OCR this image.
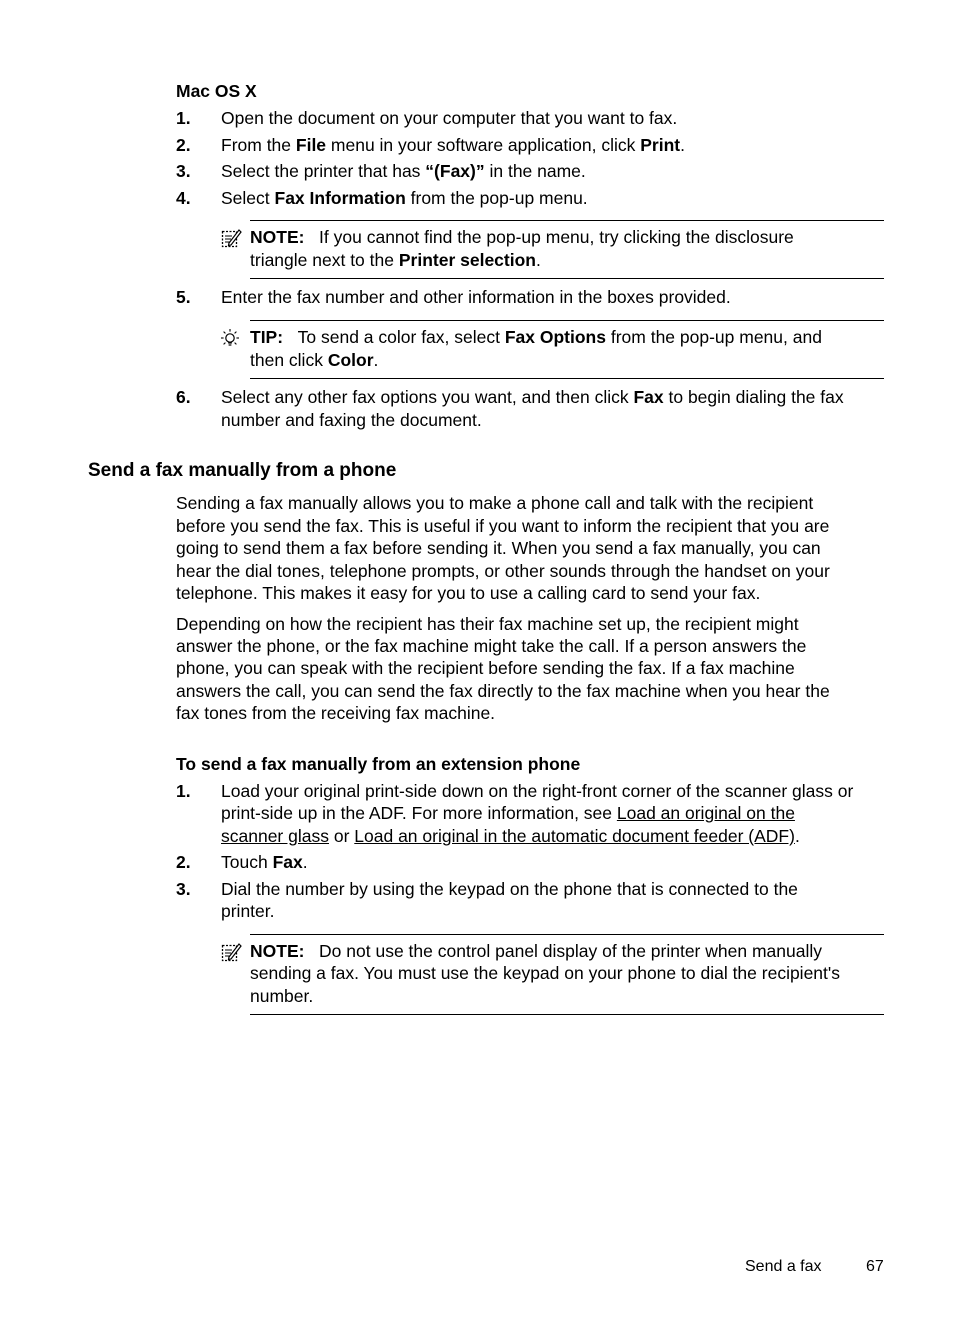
Mac OS X
1. Open the document on your computer that you want to fax.
2. From the File menu in your software application, click Print.
3. Select the printer that has “(Fax)” in the name.
4. Select Fax Information from the pop-up menu.
NOTE: If you cannot find the pop-up menu, try clicking the disclosure
triangle next to the Printer selection.
5. Enter the fax number and other information in the boxes provided.
TIP: To send a color fax, select Fax Options from the pop-up menu, and
then click Color.
6. Select any other fax options you want, and then click Fax to begin dialing the fax
number and faxing the document.
Send a fax manually from a phone
Sending a fax manually allows you to make a phone call and talk with the recipient
before you send the fax. This is useful if you want to inform the recipient that you are
going to send them a fax before sending it. When you send a fax manually, you can
hear the dial tones, telephone prompts, or other sounds through the handset on your
telephone. This makes it easy for you to use a calling card to send your fax.
Depending on how the recipient has their fax machine set up, the recipient might
answer the phone, or the fax machine might take the call. If a person answers the
phone, you can speak with the recipient before sending the fax. If a fax machine
answers the call, you can send the fax directly to the fax machine when you hear the
fax tones from the receiving fax machine.
To send a fax manually from an extension phone
1. Load your original print-side down on the right-front corner of the scanner glass or
print-side up in the ADF. For more information, see Load an original on the
scanner glass or Load an original in the automatic document feeder (ADF).
2. Touch Fax.
3. Dial the number by using the keypad on the phone that is connected to the
printer.
NOTE: Do not use the control panel display of the printer when manually
sending a fax. You must use the keypad on your phone to dial the recipient's
number.
Send a fax	67
